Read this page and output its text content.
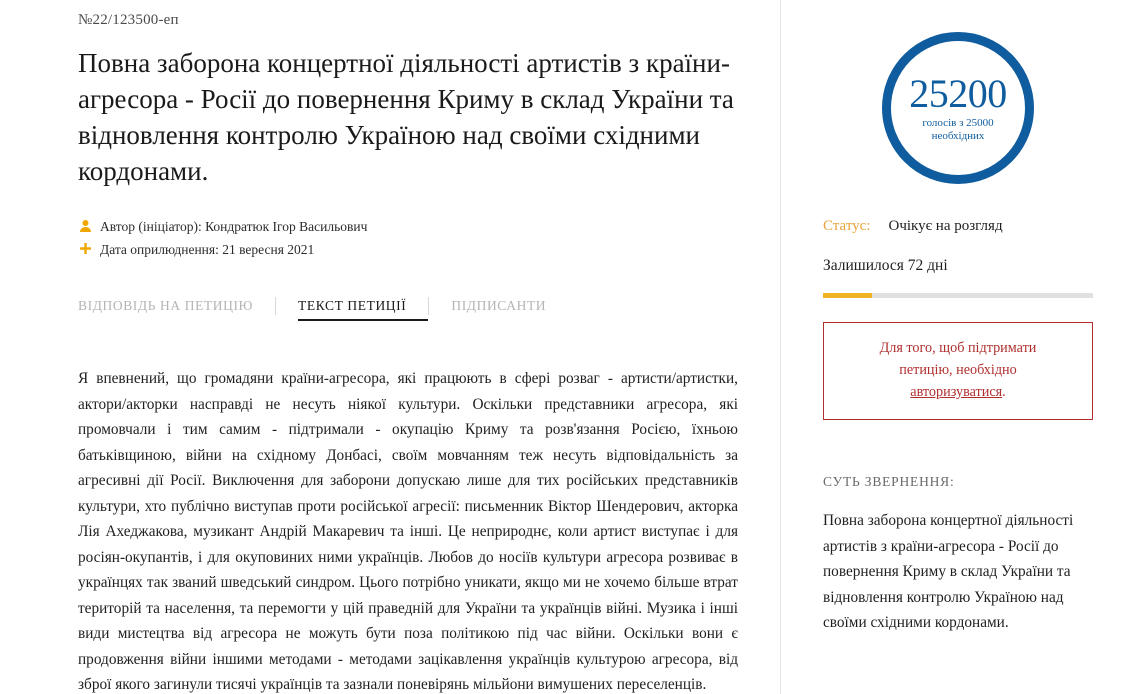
№22/123500-еп
Повна заборона концертної діяльності артистів з країни-агресора - Росії до повернення Криму в склад України та відновлення контролю Україною над своїми східними кордонами.
Автор (ініціатор): Кондратюк Ігор Васильович
Дата оприлюднення: 21 вересня 2021
ВІДПОВІДЬ НА ПЕТИЦІЮ	ТЕКСТ ПЕТИЦІЇ	ПІДПИСАНТИ
Я впевнений, що громадяни країни-агресора, які працюють в сфері розваг - артисти/артистки, актори/акторки насправді не несуть ніякої культури. Оскільки представники агресора, які промовчали і тим самим - підтримали - окупацію Криму та розв'язання Росією, їхньою батьківщиною, війни на східному Донбасі, своїм мовчанням теж несуть відповідальність за агресивні дії Росії. Виключення для заборони допускаю лише для тих російських представників культури, хто публічно виступав проти російської агресії: письменник Віктор Шендерович, акторка Лія Ахеджакова, музикант Андрій Макаревич та інші. Це неприроднє, коли артист виступає і для росіян-окупантів, і для окуповиних ними українців. Любов до носіїв культури агресора розвиває в українцях так званий шведський синдром. Цього потрібно уникати, якщо ми не хочемо більше втрат територій та населення, та перемогти у цій праведній для України та українців війні. Музика і інші види мистецтва від агресора не можуть бути поза політикою під час війни. Оскільки вони є продовження війни іншими методами - методами зацікавлення українців культурою агресора, від зброї якого загинули тисячі українців та зазнали поневірянь мільйони вимушених переселенців.
25200
голосів з 25000
необхідних
Статус: Очікує на розгляд
Залишилося 72 дні
Для того, щоб підтримати
петицію, необхідно
авторизуватися.
СУТЬ ЗВЕРНЕННЯ:
Повна заборона концертної діяльності артистів з країни-агресора - Росії до повернення Криму в склад України та відновлення контролю Україною над своїми східними кордонами.
